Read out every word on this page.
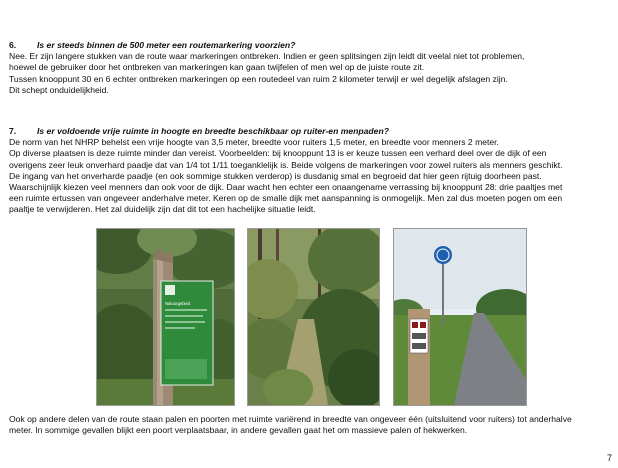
6.	Is er steeds binnen de 500 meter een routemarkering voorzien?

Nee. Er zijn langere stukken van de route waar markeringen ontbreken. Indien er geen splitsingen zijn leidt dit veelal niet tot problemen,

hoewel de gebruiker door het ontbreken van markeringen kan gaan twijfelen of men wel op de juiste route zit.

Tussen knooppunt 30 en 6 echter ontbreken markeringen op een routedeel van ruim 2 kilometer terwijl er wel degelijk afslagen zijn.

Dit schept onduidelijkheid.

7.	Is er voldoende vrije ruimte in hoogte en breedte beschikbaar op ruiter-en menpaden?

De norm van het NHRP behelst een vrije hoogte van 3,5 meter, breedte voor ruiters 1,5 meter, en breedte voor menners 2 meter.

Op diverse plaatsen is deze ruimte minder dan vereist. Voorbeelden: bij knooppunt 13 is er keuze tussen een verhard deel over de dijk of een

overigens zeer leuk onverhard paadje dat van 1/4 tot 1/11 toeganklelijk is. Beide volgens de markeringen voor zowel ruiters als menners geschikt.

De ingang van het onverharde paadje (en ook sommige stukken verderop) is dusdanig smal en begroeid dat hier geen rijtuig doorheen past.

Waarschijnlijk kiezen veel menners dan ook voor de dijk. Daar wacht hen echter een onaangename verrassing bij knooppunt 28: drie paaltjes met

een ruimte ertussen van ongeveer anderhalve meter. Keren op de smalle dijk met aanspanning is onmogelijk. Men zal dus moeten pogen om een

paaltje te verwijderen. Het zal duidelijk zijn dat dit tot een hachelijke situatie leidt.

Natuurgebied

Ook op andere delen van de route staan palen en poorten met ruimte variërend in breedte van ongeveer één (uitsluitend voor ruiters) tot anderhalve

meter. In sommige gevallen blijkt een poort verplaatsbaar, in andere gevallen gaat het om massieve palen of hekwerken.

7
